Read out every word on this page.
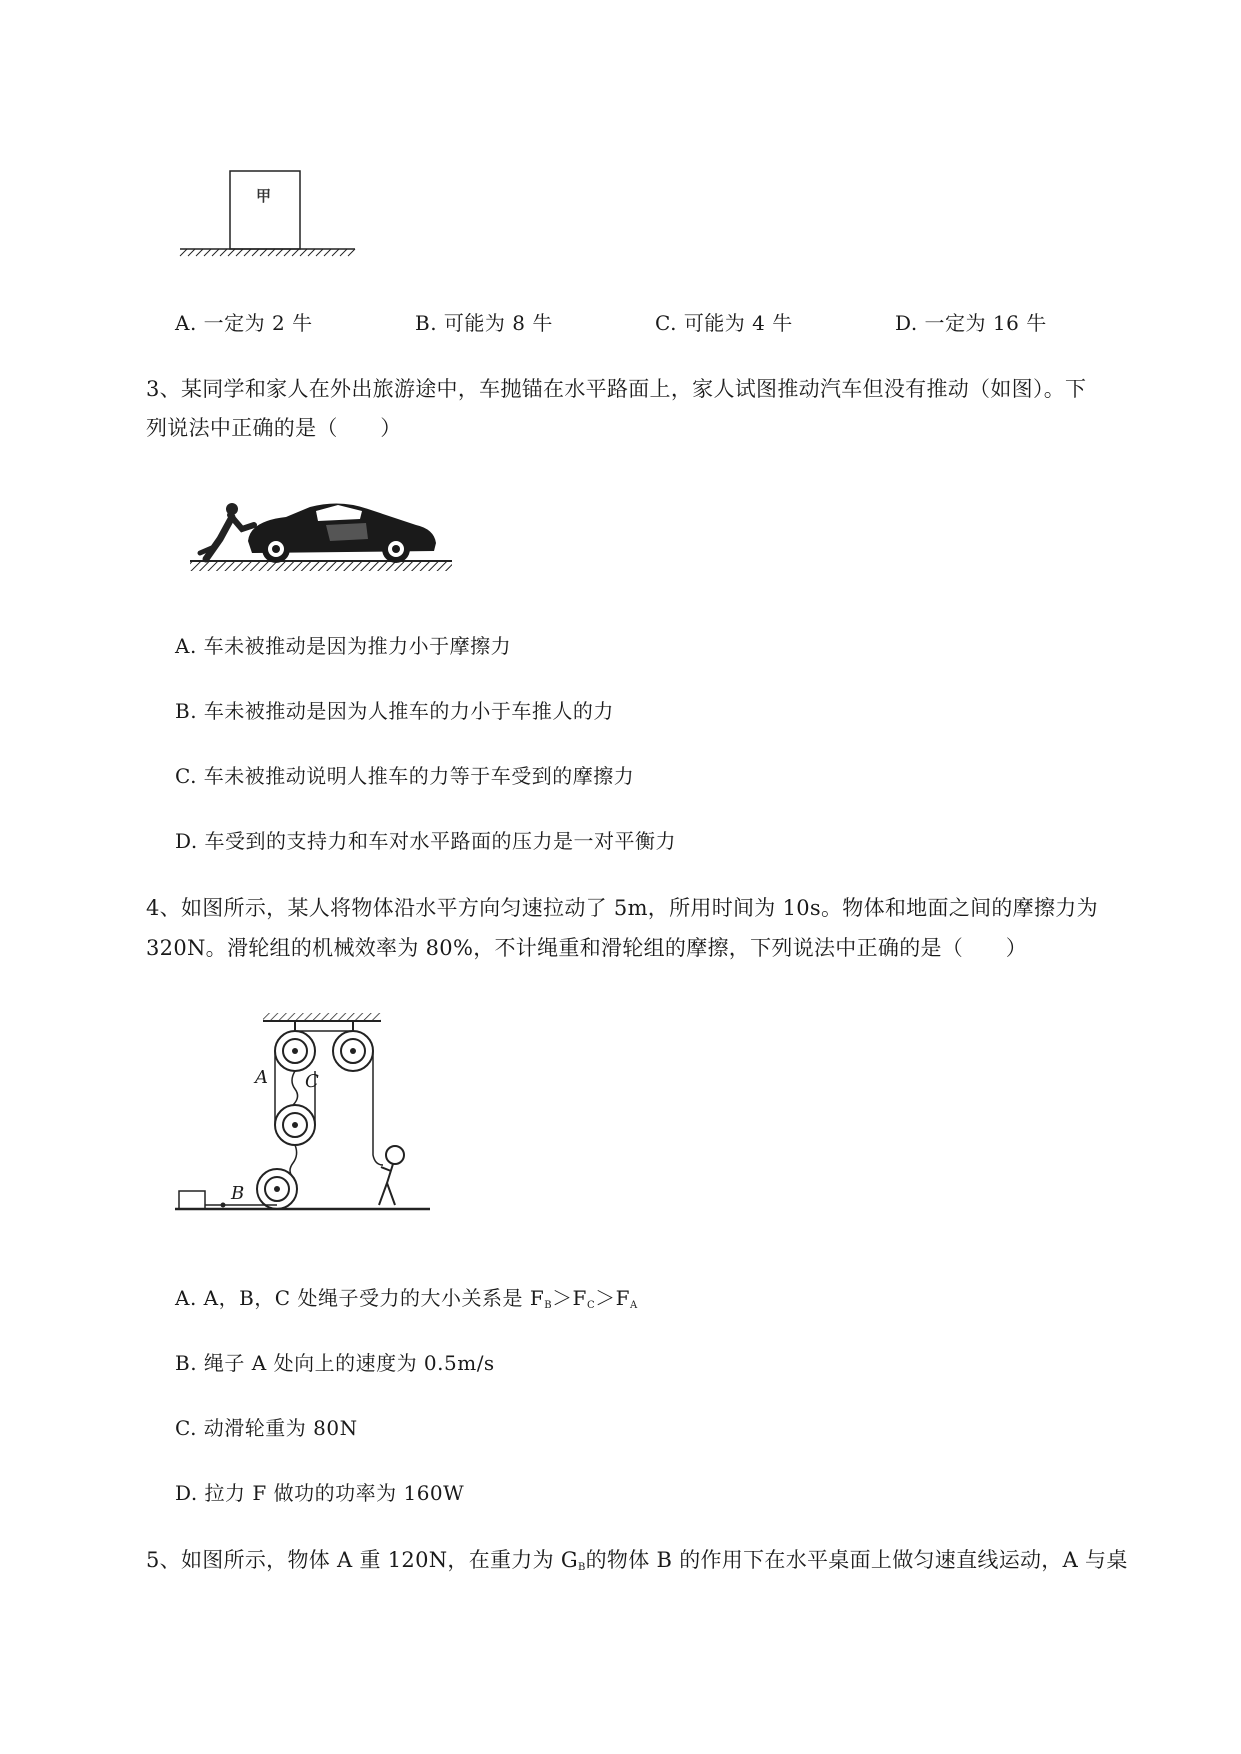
甲
A. 一定为 2 牛	B. 可能为 8 牛	C. 可能为 4 牛	D. 一定为 16 牛
3、某同学和家人在外出旅游途中，车抛锚在水平路面上，家人试图推动汽车但没有推动（如图）。下
列说法中正确的是（　　）
A. 车未被推动是因为推力小于摩擦力
B. 车未被推动是因为人推车的力小于车推人的力
C. 车未被推动说明人推车的力等于车受到的摩擦力
D. 车受到的支持力和车对水平路面的压力是一对平衡力
4、如图所示，某人将物体沿水平方向匀速拉动了 5m，所用时间为 10s。物体和地面之间的摩擦力为
320N。滑轮组的机械效率为 80%，不计绳重和滑轮组的摩擦，下列说法中正确的是（　　）
A C
B
A. A，B，C 处绳子受力的大小关系是 $F_B>F_C>F_A$
B. 绳子 A 处向上的速度为 0.5m/s
C. 动滑轮重为 80N
D. 拉力 F 做功的功率为 160W
5、如图所示，物体 A 重 120N，在重力为 $G_B$的物体 B 的作用下在水平桌面上做匀速直线运动，A 与桌
